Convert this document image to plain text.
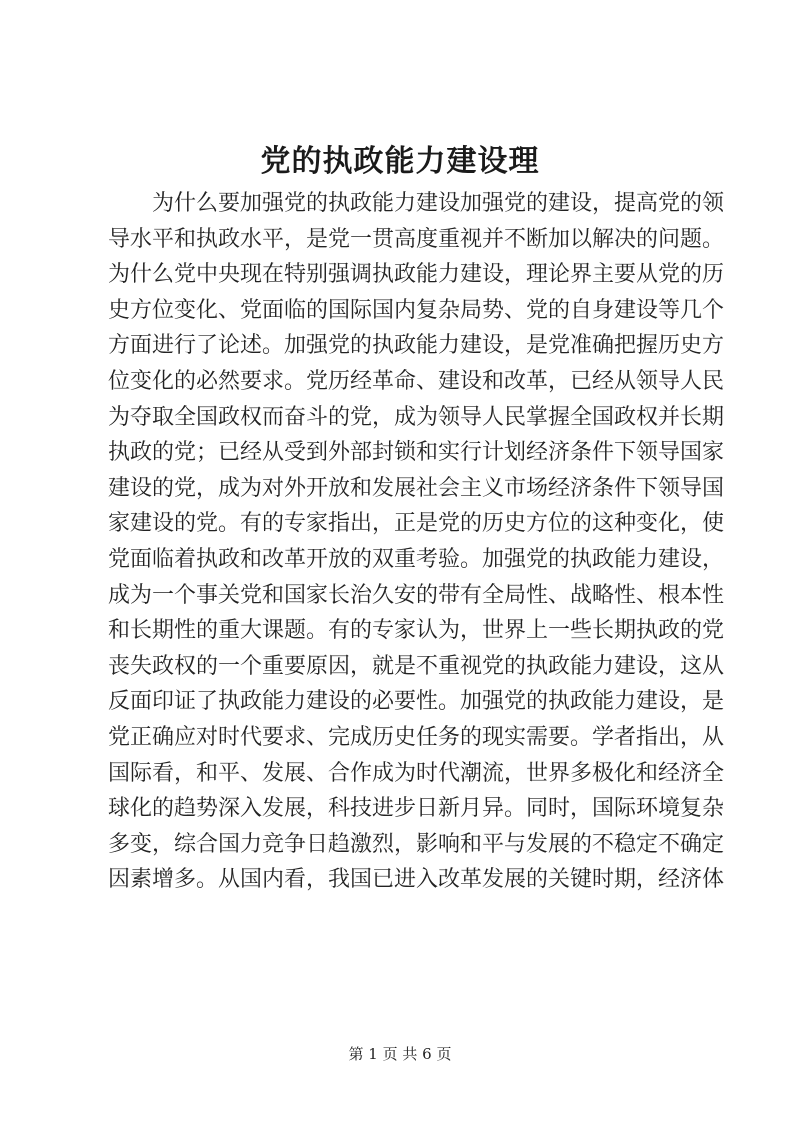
党的执政能力建设理
为什么要加强党的执政能力建设加强党的建设，提高党的领
导水平和执政水平，是党一贯高度重视并不断加以解决的问题。
为什么党中央现在特别强调执政能力建设，理论界主要从党的历
史方位变化、党面临的国际国内复杂局势、党的自身建设等几个
方面进行了论述。加强党的执政能力建设，是党准确把握历史方
位变化的必然要求。党历经革命、建设和改革，已经从领导人民
为夺取全国政权而奋斗的党，成为领导人民掌握全国政权并长期
执政的党；已经从受到外部封锁和实行计划经济条件下领导国家
建设的党，成为对外开放和发展社会主义市场经济条件下领导国
家建设的党。有的专家指出，正是党的历史方位的这种变化，使
党面临着执政和改革开放的双重考验。加强党的执政能力建设，
成为一个事关党和国家长治久安的带有全局性、战略性、根本性
和长期性的重大课题。有的专家认为，世界上一些长期执政的党
丧失政权的一个重要原因，就是不重视党的执政能力建设，这从
反面印证了执政能力建设的必要性。加强党的执政能力建设，是
党正确应对时代要求、完成历史任务的现实需要。学者指出，从
国际看，和平、发展、合作成为时代潮流，世界多极化和经济全
球化的趋势深入发展，科技进步日新月异。同时，国际环境复杂
多变，综合国力竞争日趋激烈，影响和平与发展的不稳定不确定
因素增多。从国内看，我国已进入改革发展的关键时期，经济体
第 1 页 共 6 页
